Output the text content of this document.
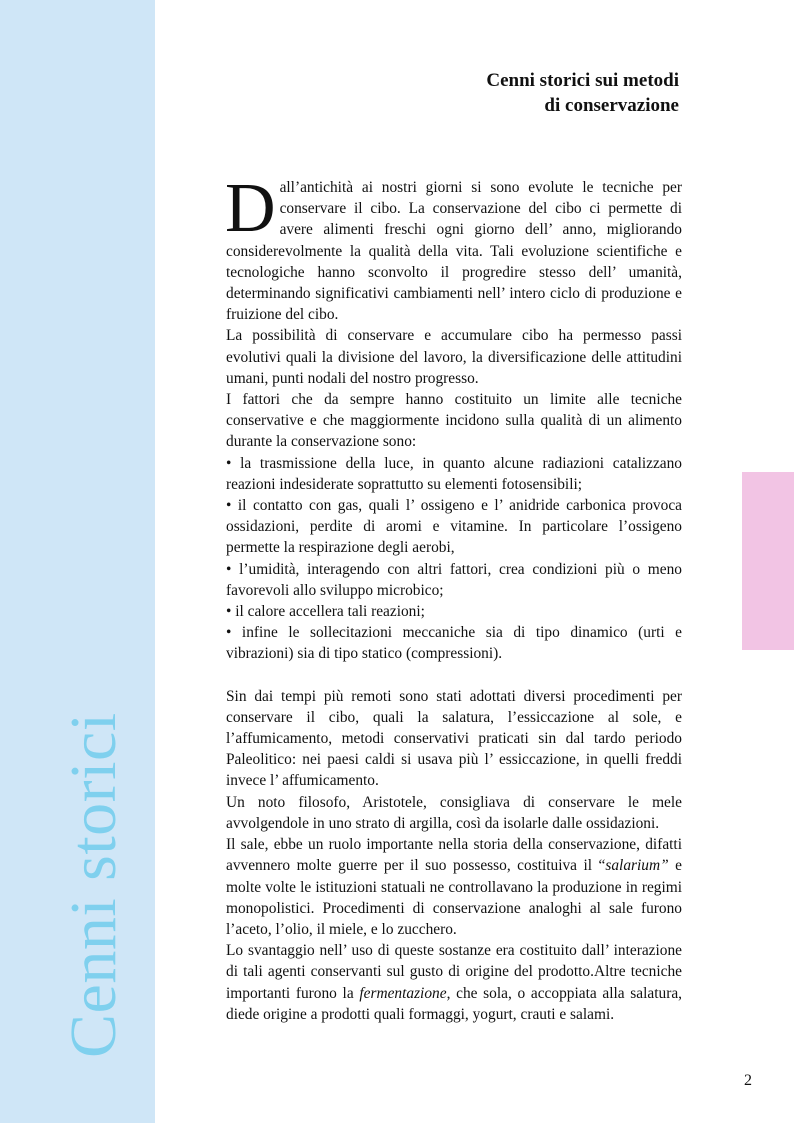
Cenni storici
Cenni storici sui metodi
di conservazione

Dall’antichità ai nostri giorni si sono evolute le tecniche per conservare il cibo. La conservazione del cibo ci permette di avere alimenti freschi ogni giorno dell’ anno, migliorando considerevolmente la qualità della vita. Tali evoluzione scientifiche e tecnologiche hanno sconvolto il progredire stesso dell’ umanità, determinando significativi cambiamenti nell’ intero ciclo di produzione e fruizione del cibo.

La possibilità di conservare e accumulare cibo ha permesso passi evolutivi quali la divisione del lavoro, la diversificazione delle attitudini umani, punti nodali del nostro progresso.

I fattori che da sempre hanno costituito un limite alle tecniche conservative e che maggiormente incidono sulla qualità di un alimento durante la conservazione sono:

• la trasmissione della luce, in quanto alcune radiazioni catalizzano reazioni indesiderate soprattutto su elementi fotosensibili;

• il contatto con gas, quali l’ ossigeno e l’ anidride carbonica provoca ossidazioni, perdite di aromi e vitamine. In particolare l’ossigeno permette la respirazione degli aerobi,

• l’umidità, interagendo con altri fattori, crea condizioni più o meno favorevoli allo sviluppo microbico;

• il calore accellera tali reazioni;

• infine le sollecitazioni meccaniche sia di tipo dinamico (urti e vibrazioni) sia di tipo statico (compressioni).

Sin dai tempi più remoti sono stati adottati diversi procedimenti per conservare il cibo, quali la salatura, l’essiccazione al sole, e l’affumicamento, metodi conservativi praticati sin dal tardo periodo Paleolitico: nei paesi caldi si usava più l’ essiccazione, in quelli freddi invece l’ affumicamento.

Un noto filosofo, Aristotele, consigliava di conservare le mele avvolgendole in uno strato di argilla, così da isolarle dalle ossidazioni.

Il sale, ebbe un ruolo importante nella storia della conservazione, difatti avvennero molte guerre per il suo possesso, costituiva il “salarium” e molte volte le istituzioni statuali ne controllavano la produzione in regimi monopolistici. Procedimenti di conservazione analoghi al sale furono l’aceto, l’olio, il miele, e lo zucchero.

Lo svantaggio nell’ uso di queste sostanze era costituito dall’ interazione di tali agenti conservanti sul gusto di origine del prodotto.Altre tecniche importanti furono la fermentazione, che sola, o accoppiata alla salatura, diede origine a prodotti quali formaggi, yogurt, crauti e salami.

2
